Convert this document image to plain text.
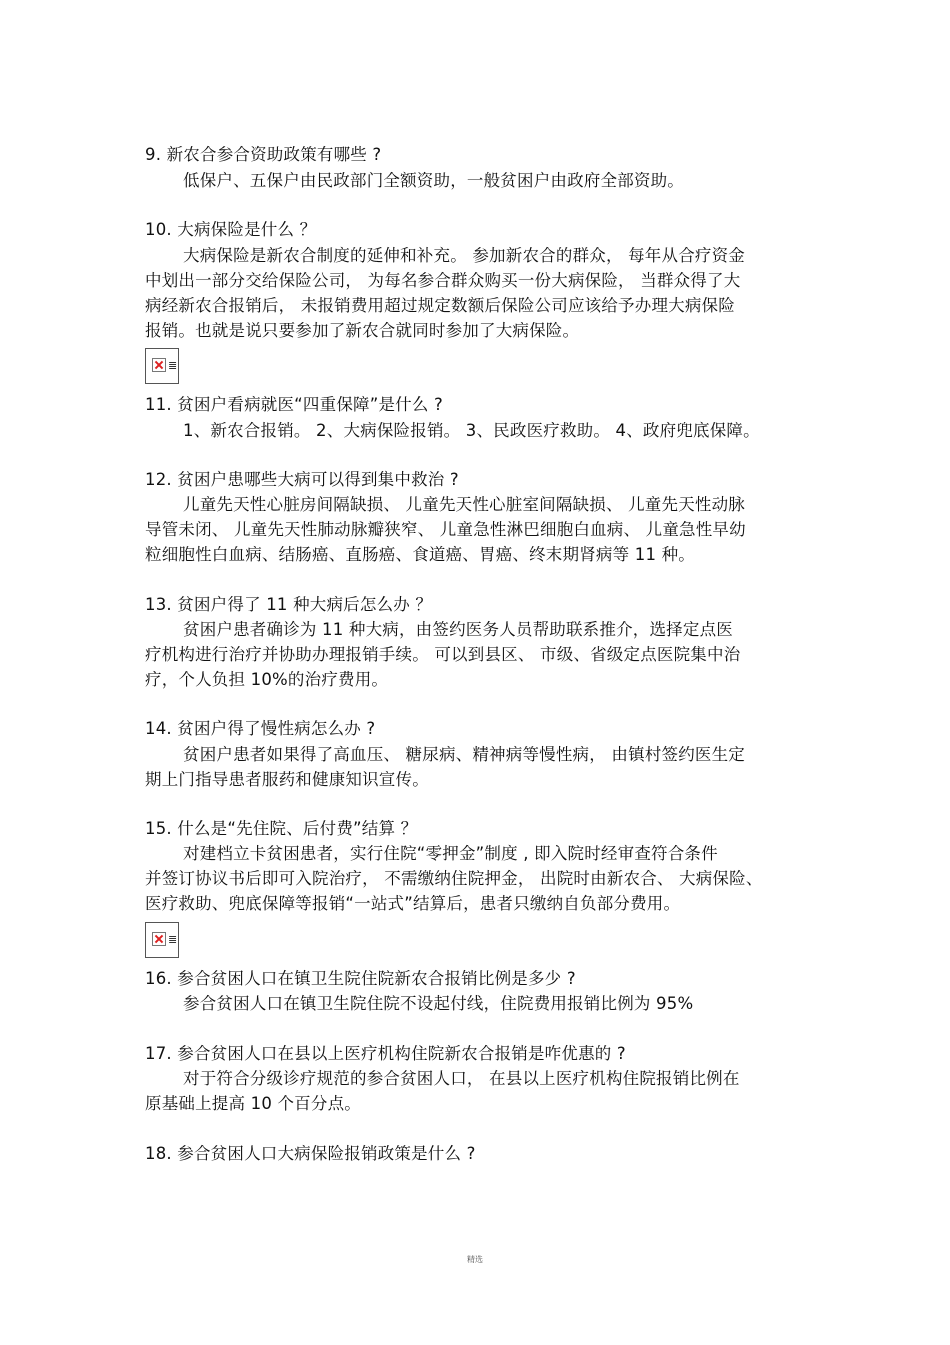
9. 新农合参合资助政策有哪些 ?
低保户、五保户由民政部门全额资助，一般贫困户由政府全部资助。
10. 大病保险是什么 ？
大病保险是新农合制度的延伸和补充。 参加新农合的群众， 每年从合疗资金
中划出一部分交给保险公司， 为每名参合群众购买一份大病保险， 当群众得了大
病经新农合报销后， 未报销费用超过规定数额后保险公司应该给予办理大病保险
报销。也就是说只要参加了新农合就同时参加了大病保险。
≣
11. 贫困户看病就医“四重保障”是什么 ?
1、新农合报销。 2、大病保险报销。 3、民政医疗救助。 4、政府兜底保障。
12. 贫困户患哪些大病可以得到集中救治 ?
儿童先天性心脏房间隔缺损、 儿童先天性心脏室间隔缺损、 儿童先天性动脉
导管未闭、 儿童先天性肺动脉瓣狭窄、 儿童急性淋巴细胞白血病、 儿童急性早幼
粒细胞性白血病、结肠癌、直肠癌、食道癌、胃癌、终末期肾病等 11 种。
13. 贫困户得了 11 种大病后怎么办 ？
贫困户患者确诊为 11 种大病，由签约医务人员帮助联系推介，选择定点医
疗机构进行治疗并协助办理报销手续。 可以到县区、 市级、省级定点医院集中治
疗，个人负担 10%的治疗费用。
14. 贫困户得了慢性病怎么办 ?
贫困户患者如果得了高血压、 糖尿病、精神病等慢性病， 由镇村签约医生定
期上门指导患者服药和健康知识宣传。
15. 什么是“先住院、后付费”结算 ？
对建档立卡贫困患者，实行住院“零押金”制度 , 即入院时经审查符合条件
并签订协议书后即可入院治疗， 不需缴纳住院押金， 出院时由新农合、 大病保险、
医疗救助、兜底保障等报销“一站式”结算后，患者只缴纳自负部分费用。
≣
16. 参合贫困人口在镇卫生院住院新农合报销比例是多少 ?
参合贫困人口在镇卫生院住院不设起付线，住院费用报销比例为 95%
17. 参合贫困人口在县以上医疗机构住院新农合报销是咋优惠的 ?
对于符合分级诊疗规范的参合贫困人口， 在县以上医疗机构住院报销比例在
原基础上提高 10 个百分点。
18. 参合贫困人口大病保险报销政策是什么 ?
精选
